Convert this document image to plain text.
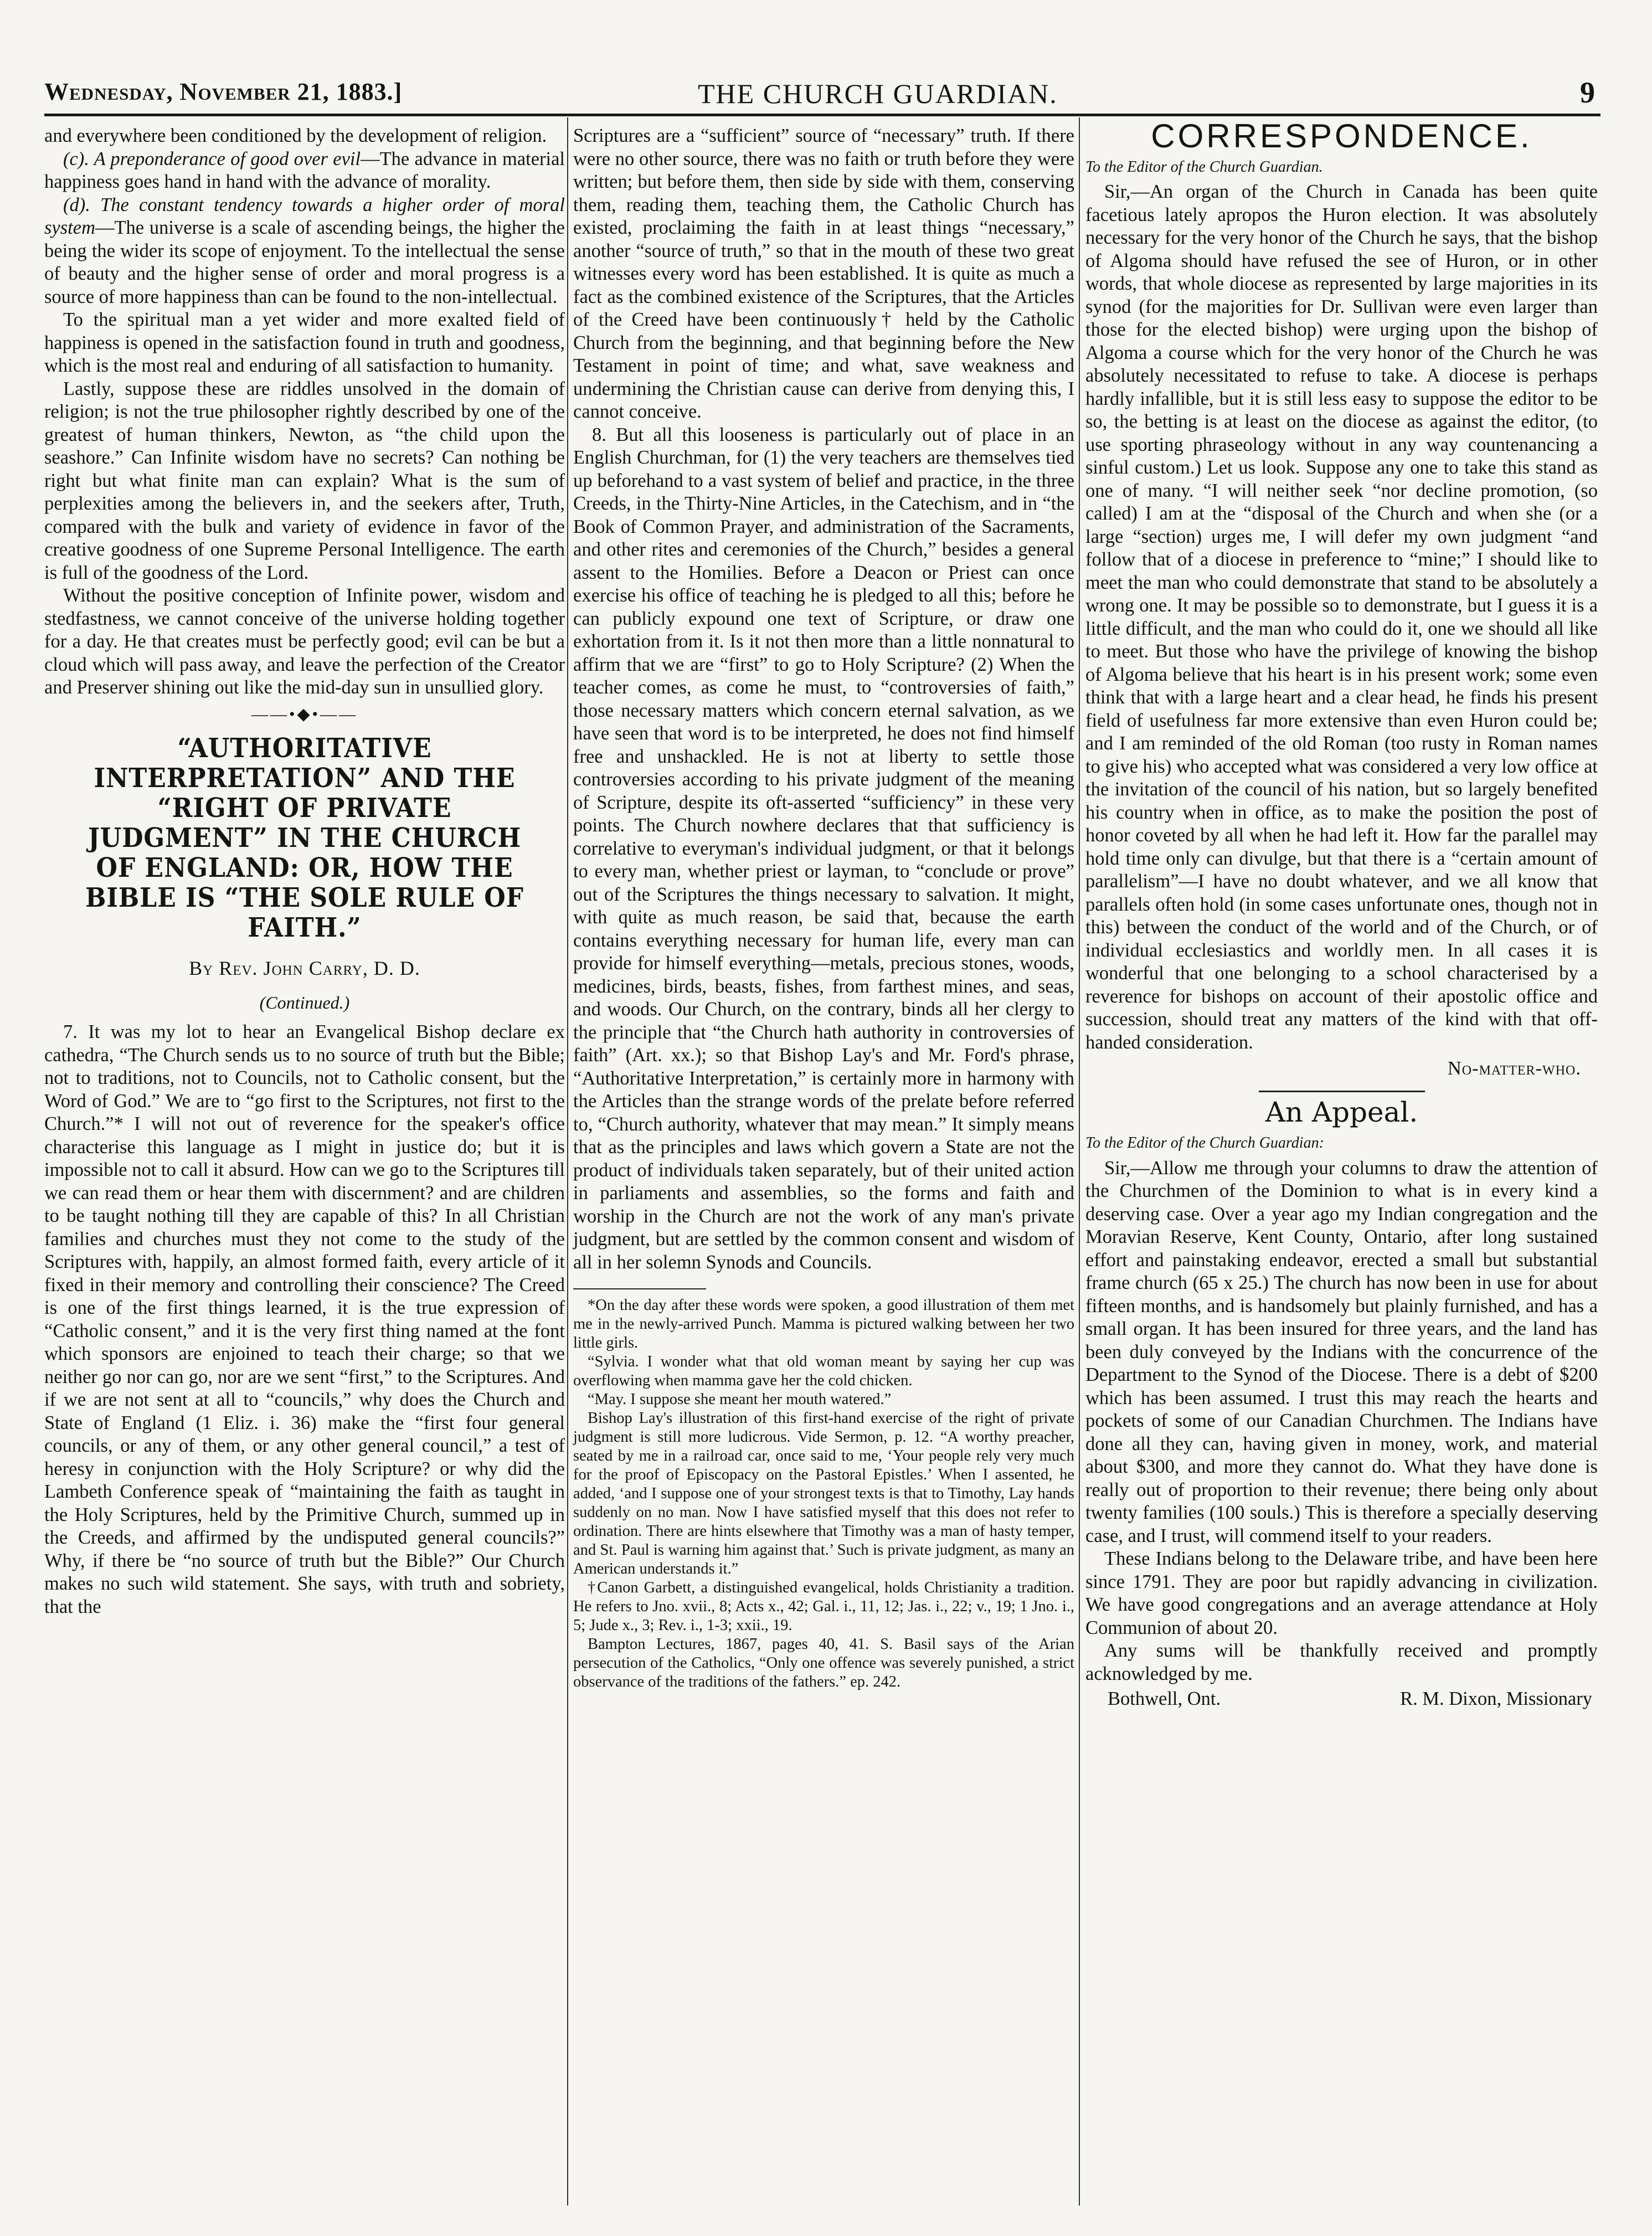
Wednesday, November 21, 1883.]	THE CHURCH GUARDIAN.	9

and everywhere been conditioned by the development of religion.

(c). A preponderance of good over evil—The advance in material happiness goes hand in hand with the advance of morality.

(d). The constant tendency towards a higher order of moral system—The universe is a scale of ascending beings, the higher the being the wider its scope of enjoyment. To the intellectual the sense of beauty and the higher sense of order and moral progress is a source of more happiness than can be found to the non-intellectual.

To the spiritual man a yet wider and more exalted field of happiness is opened in the satisfaction found in truth and goodness, which is the most real and enduring of all satisfaction to humanity.

Lastly, suppose these are riddles unsolved in the domain of religion; is not the true philosopher rightly described by one of the greatest of human thinkers, Newton, as “the child upon the seashore.” Can Infinite wisdom have no secrets? Can nothing be right but what finite man can explain? What is the sum of perplexities among the believers in, and the seekers after, Truth, compared with the bulk and variety of evidence in favor of the creative goodness of one Supreme Personal Intelligence. The earth is full of the goodness of the Lord.

Without the positive conception of Infinite power, wisdom and stedfastness, we cannot conceive of the universe holding together for a day. He that creates must be perfectly good; evil can be but a cloud which will pass away, and leave the perfection of the Creator and Preserver shining out like the mid-day sun in unsullied glory.

——•◆•——
“AUTHORITATIVE INTERPRETATION” AND THE “RIGHT OF PRIVATE JUDGMENT” IN THE CHURCH OF ENGLAND: OR, HOW THE BIBLE IS “THE SOLE RULE OF FAITH.”
By Rev. John Carry, D. D.
(Continued.)

7. It was my lot to hear an Evangelical Bishop declare ex cathedra, “The Church sends us to no source of truth but the Bible; not to traditions, not to Councils, not to Catholic consent, but the Word of God.” We are to “go first to the Scriptures, not first to the Church.”* I will not out of reverence for the speaker's office characterise this language as I might in justice do; but it is impossible not to call it absurd. How can we go to the Scriptures till we can read them or hear them with discernment? and are children to be taught nothing till they are capable of this? In all Christian families and churches must they not come to the study of the Scriptures with, happily, an almost formed faith, every article of it fixed in their memory and controlling their conscience? The Creed is one of the first things learned, it is the true expression of “Catholic consent,” and it is the very first thing named at the font which sponsors are enjoined to teach their charge; so that we neither go nor can go, nor are we sent “first,” to the Scriptures. And if we are not sent at all to “councils,” why does the Church and State of England (1 Eliz. i. 36) make the “first four general councils, or any of them, or any other general council,” a test of heresy in conjunction with the Holy Scripture? or why did the Lambeth Conference speak of “maintaining the faith as taught in the Holy Scriptures, held by the Primitive Church, summed up in the Creeds, and affirmed by the undisputed general councils?” Why, if there be “no source of truth but the Bible?” Our Church makes no such wild statement. She says, with truth and sobriety, that the

Scriptures are a “sufficient” source of “necessary” truth. If there were no other source, there was no faith or truth before they were written; but before them, then side by side with them, conserving them, reading them, teaching them, the Catholic Church has existed, proclaiming the faith in at least things “necessary,” another “source of truth,” so that in the mouth of these two great witnesses every word has been established. It is quite as much a fact as the combined existence of the Scriptures, that the Articles of the Creed have been continuously† held by the Catholic Church from the beginning, and that beginning before the New Testament in point of time; and what, save weakness and undermining the Christian cause can derive from denying this, I cannot conceive.

8. But all this looseness is particularly out of place in an English Churchman, for (1) the very teachers are themselves tied up beforehand to a vast system of belief and practice, in the three Creeds, in the Thirty-Nine Articles, in the Catechism, and in “the Book of Common Prayer, and administration of the Sacraments, and other rites and ceremonies of the Church,” besides a general assent to the Homilies. Before a Deacon or Priest can once exercise his office of teaching he is pledged to all this; before he can publicly expound one text of Scripture, or draw one exhortation from it. Is it not then more than a little nonnatural to affirm that we are “first” to go to Holy Scripture? (2) When the teacher comes, as come he must, to “controversies of faith,” those necessary matters which concern eternal salvation, as we have seen that word is to be interpreted, he does not find himself free and unshackled. He is not at liberty to settle those controversies according to his private judgment of the meaning of Scripture, despite its oft-asserted “sufficiency” in these very points. The Church nowhere declares that that sufficiency is correlative to everyman's individual judgment, or that it belongs to every man, whether priest or layman, to “conclude or prove” out of the Scriptures the things necessary to salvation. It might, with quite as much reason, be said that, because the earth contains everything necessary for human life, every man can provide for himself everything—metals, precious stones, woods, medicines, birds, beasts, fishes, from farthest mines, and seas, and woods. Our Church, on the contrary, binds all her clergy to the principle that “the Church hath authority in controversies of faith” (Art. xx.); so that Bishop Lay's and Mr. Ford's phrase, “Authoritative Interpretation,” is certainly more in harmony with the Articles than the strange words of the prelate before referred to, “Church authority, whatever that may mean.” It simply means that as the principles and laws which govern a State are not the product of individuals taken separately, but of their united action in parliaments and assemblies, so the forms and faith and worship in the Church are not the work of any man's private judgment, but are settled by the common consent and wisdom of all in her solemn Synods and Councils.

*On the day after these words were spoken, a good illustration of them met me in the newly-arrived Punch. Mamma is pictured walking between her two little girls.

“Sylvia. I wonder what that old woman meant by saying her cup was overflowing when mamma gave her the cold chicken.

“May. I suppose she meant her mouth watered.”

Bishop Lay's illustration of this first-hand exercise of the right of private judgment is still more ludicrous. Vide Sermon, p. 12. “A worthy preacher, seated by me in a railroad car, once said to me, ‘Your people rely very much for the proof of Episcopacy on the Pastoral Epistles.’ When I assented, he added, ‘and I suppose one of your strongest texts is that to Timothy, Lay hands suddenly on no man. Now I have satisfied myself that this does not refer to ordination. There are hints elsewhere that Timothy was a man of hasty temper, and St. Paul is warning him against that.’ Such is private judgment, as many an American understands it.”

†Canon Garbett, a distinguished evangelical, holds Christianity a tradition. He refers to Jno. xvii., 8; Acts x., 42; Gal. i., 11, 12; Jas. i., 22; v., 19; 1 Jno. i., 5; Jude x., 3; Rev. i., 1-3; xxii., 19.

Bampton Lectures, 1867, pages 40, 41. S. Basil says of the Arian persecution of the Catholics, “Only one offence was severely punished, a strict observance of the traditions of the fathers.” ep. 242.

CORRESPONDENCE.

To the Editor of the Church Guardian.

Sir,—An organ of the Church in Canada has been quite facetious lately apropos the Huron election. It was absolutely necessary for the very honor of the Church he says, that the bishop of Algoma should have refused the see of Huron, or in other words, that whole diocese as represented by large majorities in its synod (for the majorities for Dr. Sullivan were even larger than those for the elected bishop) were urging upon the bishop of Algoma a course which for the very honor of the Church he was absolutely necessitated to refuse to take. A diocese is perhaps hardly infallible, but it is still less easy to suppose the editor to be so, the betting is at least on the diocese as against the editor, (to use sporting phraseology without in any way countenancing a sinful custom.) Let us look. Suppose any one to take this stand as one of many. “I will neither seek “nor decline promotion, (so called) I am at the “disposal of the Church and when she (or a large “section) urges me, I will defer my own judgment “and follow that of a diocese in preference to “mine;” I should like to meet the man who could demonstrate that stand to be absolutely a wrong one. It may be possible so to demonstrate, but I guess it is a little difficult, and the man who could do it, one we should all like to meet. But those who have the privilege of knowing the bishop of Algoma believe that his heart is in his present work; some even think that with a large heart and a clear head, he finds his present field of usefulness far more extensive than even Huron could be; and I am reminded of the old Roman (too rusty in Roman names to give his) who accepted what was considered a very low office at the invitation of the council of his nation, but so largely benefited his country when in office, as to make the position the post of honor coveted by all when he had left it. How far the parallel may hold time only can divulge, but that there is a “certain amount of parallelism”—I have no doubt whatever, and we all know that parallels often hold (in some cases unfortunate ones, though not in this) between the conduct of the world and of the Church, or of individual ecclesiastics and worldly men. In all cases it is wonderful that one belonging to a school characterised by a reverence for bishops on account of their apostolic office and succession, should treat any matters of the kind with that off-handed consideration.

No-matter-who.
An Appeal.

To the Editor of the Church Guardian:

Sir,—Allow me through your columns to draw the attention of the Churchmen of the Dominion to what is in every kind a deserving case. Over a year ago my Indian congregation and the Moravian Reserve, Kent County, Ontario, after long sustained effort and painstaking endeavor, erected a small but substantial frame church (65 x 25.) The church has now been in use for about fifteen months, and is handsomely but plainly furnished, and has a small organ. It has been insured for three years, and the land has been duly conveyed by the Indians with the concurrence of the Department to the Synod of the Diocese. There is a debt of $200 which has been assumed. I trust this may reach the hearts and pockets of some of our Canadian Churchmen. The Indians have done all they can, having given in money, work, and material about $300, and more they cannot do. What they have done is really out of proportion to their revenue; there being only about twenty families (100 souls.) This is therefore a specially deserving case, and I trust, will commend itself to your readers.

These Indians belong to the Delaware tribe, and have been here since 1791. They are poor but rapidly advancing in civilization. We have good congregations and an average attendance at Holy Communion of about 20.

Any sums will be thankfully received and promptly acknowledged by me.

Bothwell, Ont.	R. M. Dixon, Missionary
